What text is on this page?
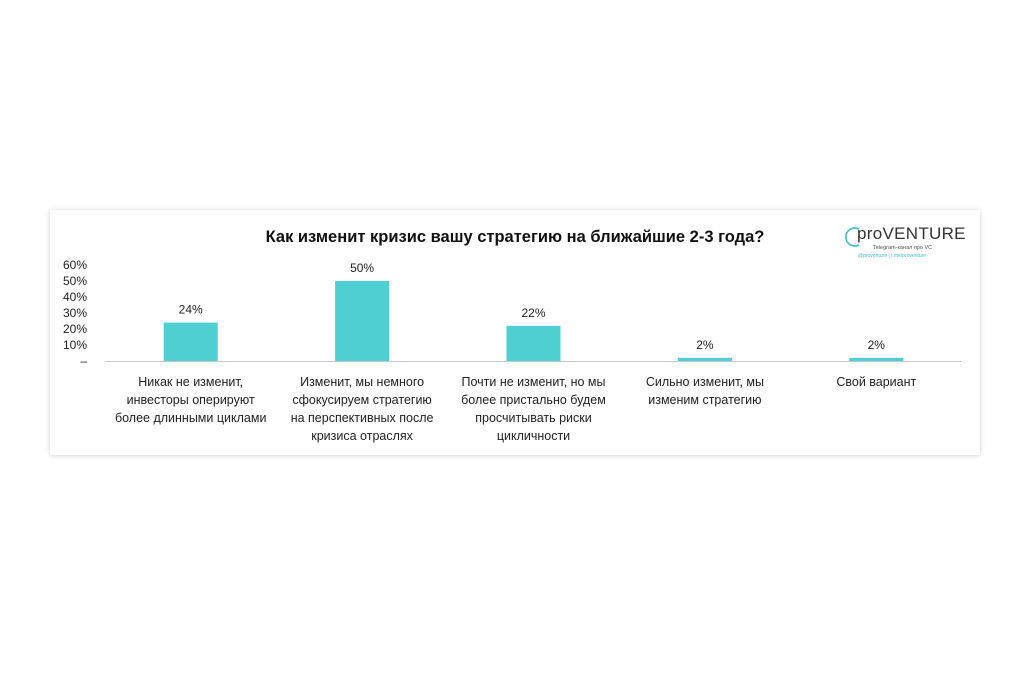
Как изменит кризис вашу стратегию на ближайшие 2-3 года?	proVENTURE
Telegram-канал про VC
@proventure | t.me/proventure
–
10%
20%
30%
40%
50%
60%
24%
50%
22%
2%	2%
Никак не изменит,
инвесторы оперируют
более длинными циклами
Изменит, мы немного
сфокусируем стратегию
на перспективных после
кризиса отраслях
Почти не изменит, но мы
более пристально будем
просчитывать риски
цикличности
Сильно изменит, мы
изменим стратегию
Свой вариант
